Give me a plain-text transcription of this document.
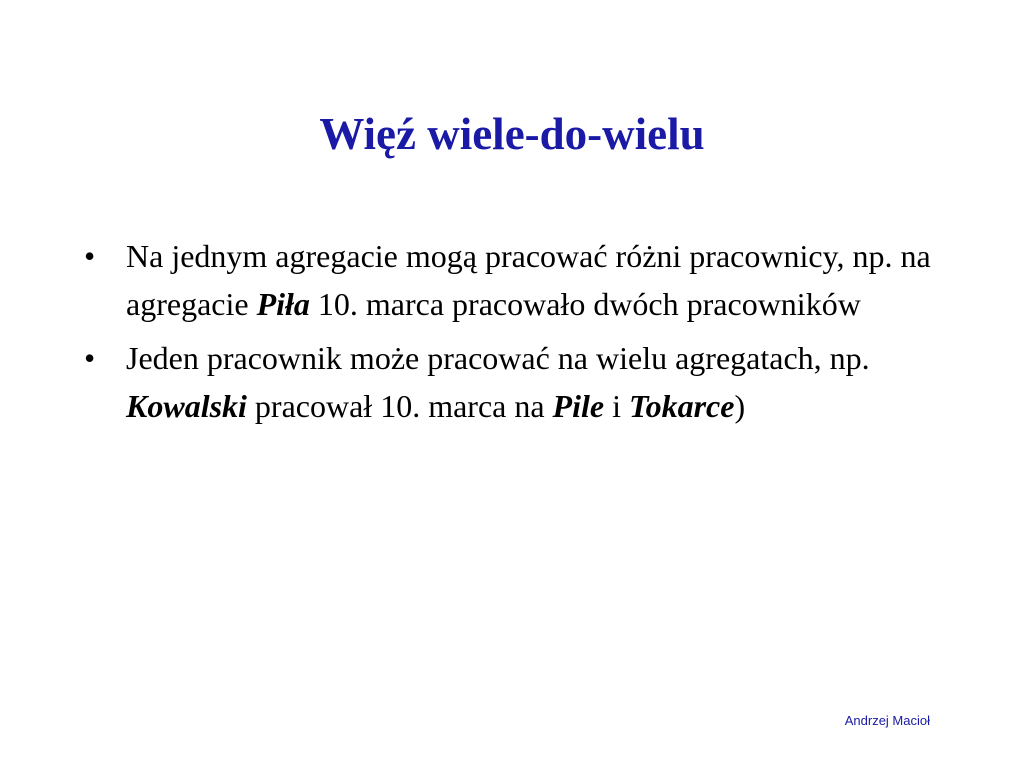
Więź wiele-do-wielu
• Na jednym agregacie mogą pracować różni pracownicy, np. na agregacie Piła 10. marca pracowało dwóch pracowników
• Jeden pracownik może pracować na wielu agregatach, np. Kowalski pracował 10. marca na Pile i Tokarce)
Andrzej Macioł
